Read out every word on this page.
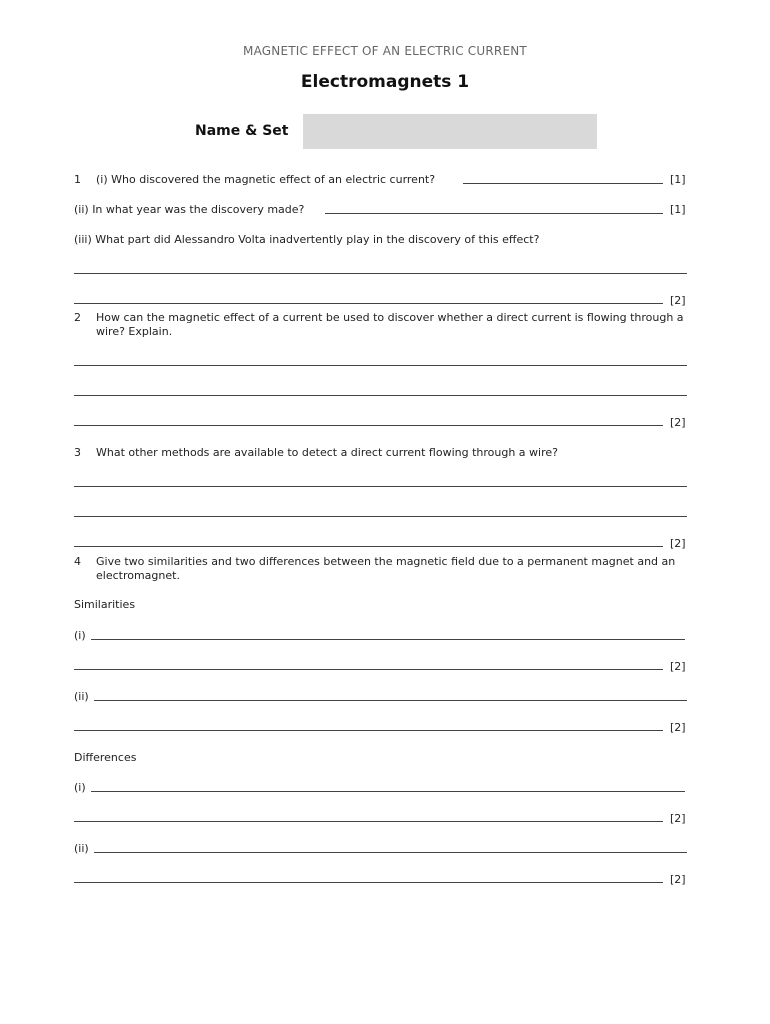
MAGNETIC EFFECT OF AN ELECTRIC CURRENT
Electromagnets 1
Name & Set
1 (i) Who discovered the magnetic effect of an electric current?	[1]
(ii) In what year was the discovery made?	[1]
(iii) What part did Alessandro Volta inadvertently play in the discovery of this effect?
[2]
2 How can the magnetic effect of a current be used to discover whether a direct current is flowing through a wire? Explain.
[2]
3 What other methods are available to detect a direct current flowing through a wire?
[2]
4 Give two similarities and two differences between the magnetic field due to a permanent magnet and an electromagnet.
Similarities
(i)
[2]
(ii)
[2]
Differences
(i)
[2]
(ii)
[2]
